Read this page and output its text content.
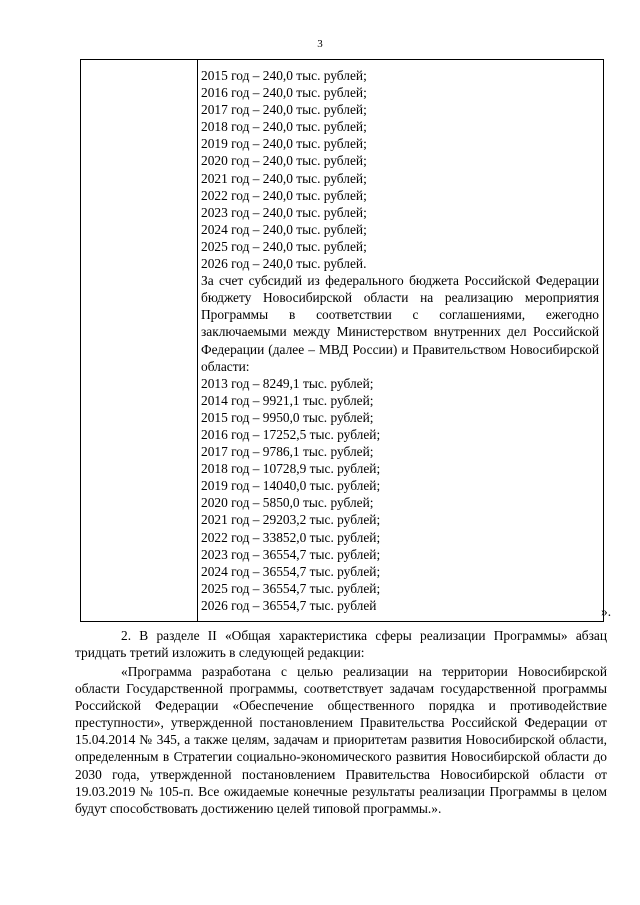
3
2015 год – 240,0 тыс. рублей;
2016 год – 240,0 тыс. рублей;
2017 год – 240,0 тыс. рублей;
2018 год – 240,0 тыс. рублей;
2019 год – 240,0 тыс. рублей;
2020 год – 240,0 тыс. рублей;
2021 год – 240,0 тыс. рублей;
2022 год – 240,0 тыс. рублей;
2023 год – 240,0 тыс. рублей;
2024 год – 240,0 тыс. рублей;
2025 год – 240,0 тыс. рублей;
2026 год – 240,0 тыс. рублей.
За счет субсидий из федерального бюджета Российской Федерации бюджету Новосибирской области на реализацию мероприятия Программы в соответствии с соглашениями, ежегодно заключаемыми между Министерством внутренних дел Российской Федерации (далее – МВД России) и Правительством Новосибирской области:
2013 год – 8249,1 тыс. рублей;
2014 год – 9921,1 тыс. рублей;
2015 год – 9950,0 тыс. рублей;
2016 год – 17252,5 тыс. рублей;
2017 год – 9786,1 тыс. рублей;
2018 год – 10728,9 тыс. рублей;
2019 год – 14040,0 тыс. рублей;
2020 год – 5850,0 тыс. рублей;
2021 год – 29203,2 тыс. рублей;
2022 год – 33852,0 тыс. рублей;
2023 год – 36554,7 тыс. рублей;
2024 год – 36554,7 тыс. рублей;
2025 год – 36554,7 тыс. рублей;
2026 год – 36554,7 тыс. рублей	».
2. В разделе II «Общая характеристика сферы реализации Программы» абзац тридцать третий изложить в следующей редакции:
«Программа разработана с целью реализации на территории Новосибирской области Государственной программы, соответствует задачам государственной программы Российской Федерации «Обеспечение общественного порядка и противодействие преступности», утвержденной постановлением Правительства Российской Федерации от 15.04.2014 № 345, а также целям, задачам и приоритетам развития Новосибирской области, определенным в Стратегии социально-экономического развития Новосибирской области до 2030 года, утвержденной постановлением Правительства Новосибирской области от 19.03.2019 № 105-п. Все ожидаемые конечные результаты реализации Программы в целом будут способствовать достижению целей типовой программы.».
